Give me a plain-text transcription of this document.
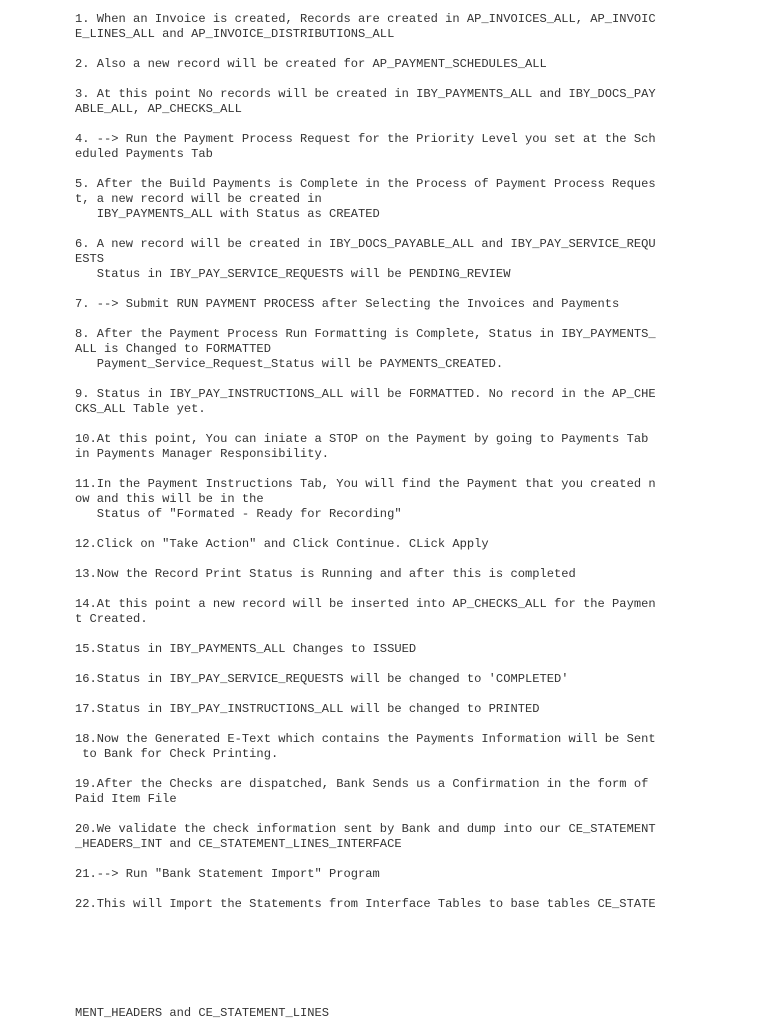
1. When an Invoice is created, Records are created in AP_INVOICES_ALL, AP_INVOIC
E_LINES_ALL and AP_INVOICE_DISTRIBUTIONS_ALL
2. Also a new record will be created for AP_PAYMENT_SCHEDULES_ALL
3. At this point No records will be created in IBY_PAYMENTS_ALL and IBY_DOCS_PAY
ABLE_ALL, AP_CHECKS_ALL
4. --> Run the Payment Process Request for the Priority Level you set at the Sch
eduled Payments Tab
5. After the Build Payments is Complete in the Process of Payment Process Reques
t, a new record will be created in
IBY_PAYMENTS_ALL with Status as CREATED
6. A new record will be created in IBY_DOCS_PAYABLE_ALL and IBY_PAY_SERVICE_REQU
ESTS
Status in IBY_PAY_SERVICE_REQUESTS will be PENDING_REVIEW
7. --> Submit RUN PAYMENT PROCESS after Selecting the Invoices and Payments
8. After the Payment Process Run Formatting is Complete, Status in IBY_PAYMENTS_
ALL is Changed to FORMATTED
Payment_Service_Request_Status will be PAYMENTS_CREATED.
9. Status in IBY_PAY_INSTRUCTIONS_ALL will be FORMATTED. No record in the AP_CHE
CKS_ALL Table yet.
10.At this point, You can iniate a STOP on the Payment by going to Payments Tab
in Payments Manager Responsibility.
11.In the Payment Instructions Tab, You will find the Payment that you created n
ow and this will be in the
Status of "Formated - Ready for Recording"
12.Click on "Take Action" and Click Continue. CLick Apply
13.Now the Record Print Status is Running and after this is completed
14.At this point a new record will be inserted into AP_CHECKS_ALL for the Paymen
t Created.
15.Status in IBY_PAYMENTS_ALL Changes to ISSUED
16.Status in IBY_PAY_SERVICE_REQUESTS will be changed to 'COMPLETED'
17.Status in IBY_PAY_INSTRUCTIONS_ALL will be changed to PRINTED
18.Now the Generated E-Text which contains the Payments Information will be Sent
to Bank for Check Printing.
19.After the Checks are dispatched, Bank Sends us a Confirmation in the form of
Paid Item File
20.We validate the check information sent by Bank and dump into our CE_STATEMENT
_HEADERS_INT and CE_STATEMENT_LINES_INTERFACE
21.--> Run "Bank Statement Import" Program
22.This will Import the Statements from Interface Tables to base tables CE_STATE
MENT_HEADERS and CE_STATEMENT_LINES
